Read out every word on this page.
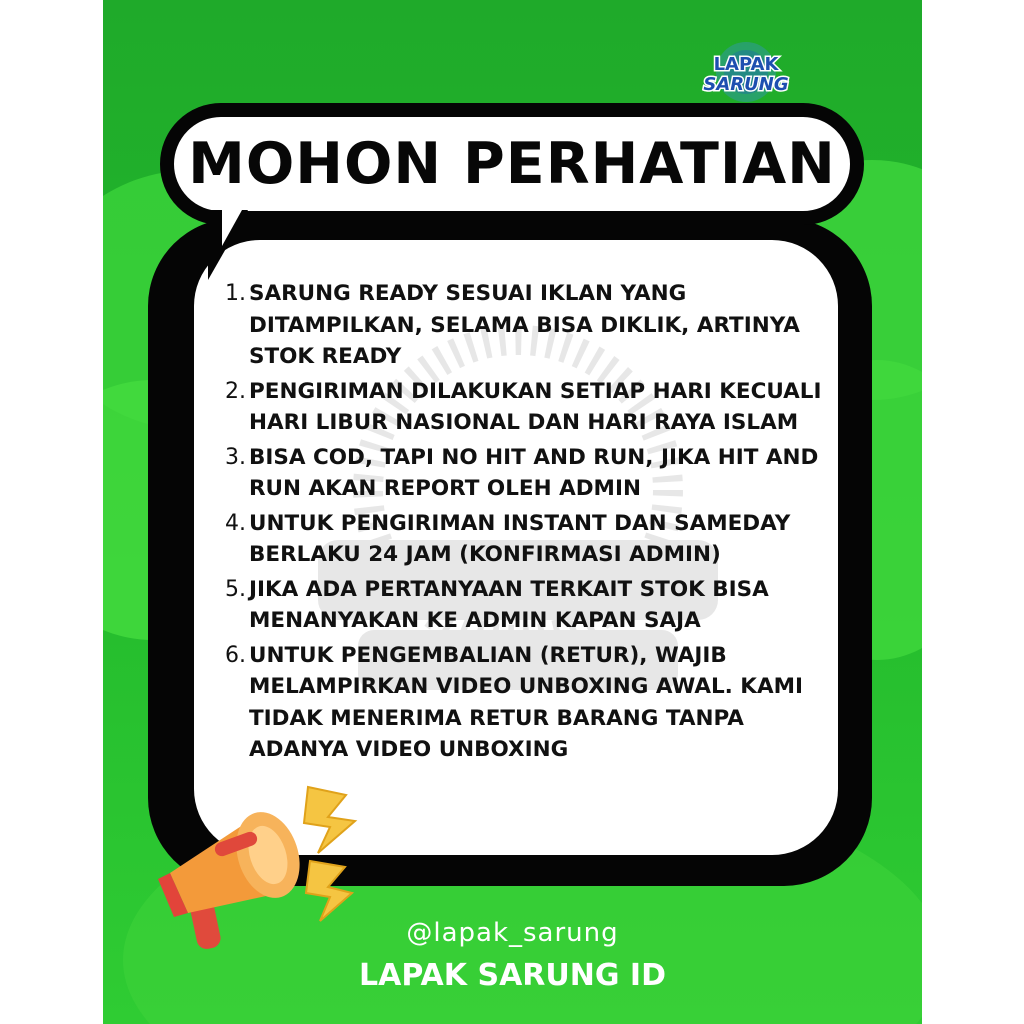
LAPAK
SARUNG
MOHON PERHATIAN
1. SARUNG READY SESUAI IKLAN YANG DITAMPILKAN, SELAMA BISA DIKLIK, ARTINYA STOK READY
2. PENGIRIMAN DILAKUKAN SETIAP HARI KECUALI HARI LIBUR NASIONAL DAN HARI RAYA ISLAM
3. BISA COD, TAPI NO HIT AND RUN, JIKA HIT AND RUN AKAN REPORT OLEH ADMIN
4. UNTUK PENGIRIMAN INSTANT DAN SAMEDAY BERLAKU 24 JAM (KONFIRMASI ADMIN)
5. JIKA ADA PERTANYAAN TERKAIT STOK BISA MENANYAKAN KE ADMIN KAPAN SAJA
6. UNTUK PENGEMBALIAN (RETUR), WAJIB MELAMPIRKAN VIDEO UNBOXING AWAL. KAMI TIDAK MENERIMA RETUR BARANG TANPA ADANYA VIDEO UNBOXING
@lapak_sarung
LAPAK SARUNG ID
